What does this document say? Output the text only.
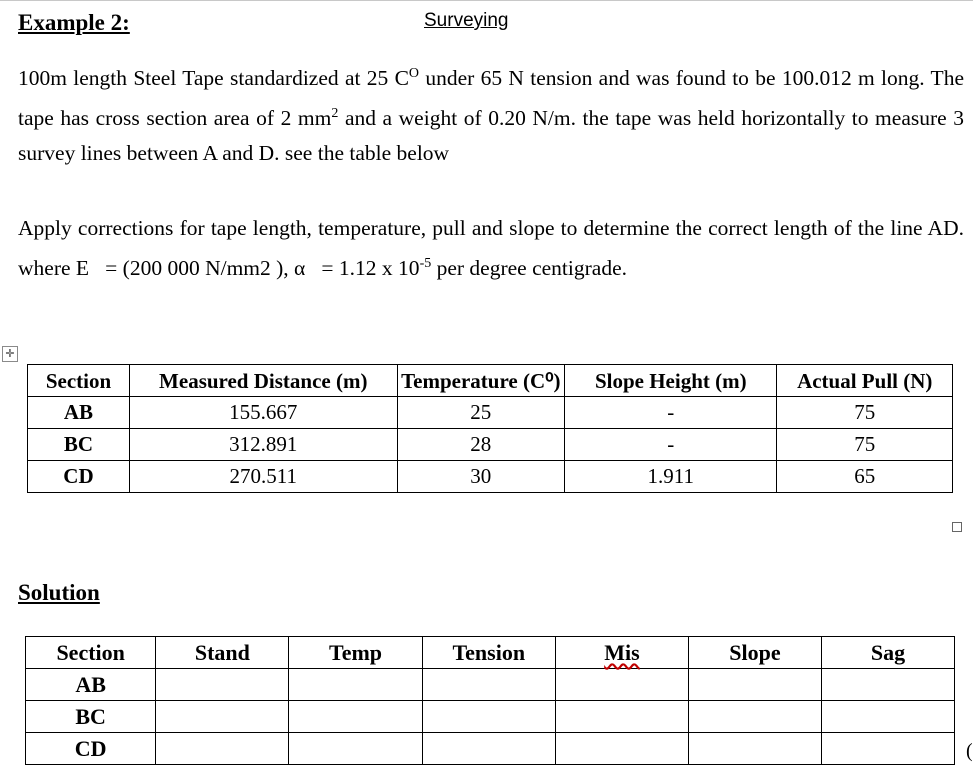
Example 2:	Surveying
100m length Steel Tape standardized at 25 $C^O$ under 65 N tension and was found to be 100.012 m long. The tape has cross section area of 2 $mm^2$ and a weight of 0.20 N/m. the tape was held horizontally to measure 3 survey lines between A and D. see the table below
Apply corrections for tape length, temperature, pull and slope to determine the correct length of the line AD. where E   = (200 000 N/mm2 ), α   = 1.12 x $10^{-5}$ per degree centigrade.
✛
Section	Measured Distance (m)	Temperature (C⁰)	Slope Height (m)	Actual Pull (N)
AB	155.667	25	-	75
BC	312.891	28	-	75
CD	270.511	30	1.911	65
Solution
Section	Stand	Temp	Tension	Mis	Slope	Sag
AB						
BC						
CD							(
